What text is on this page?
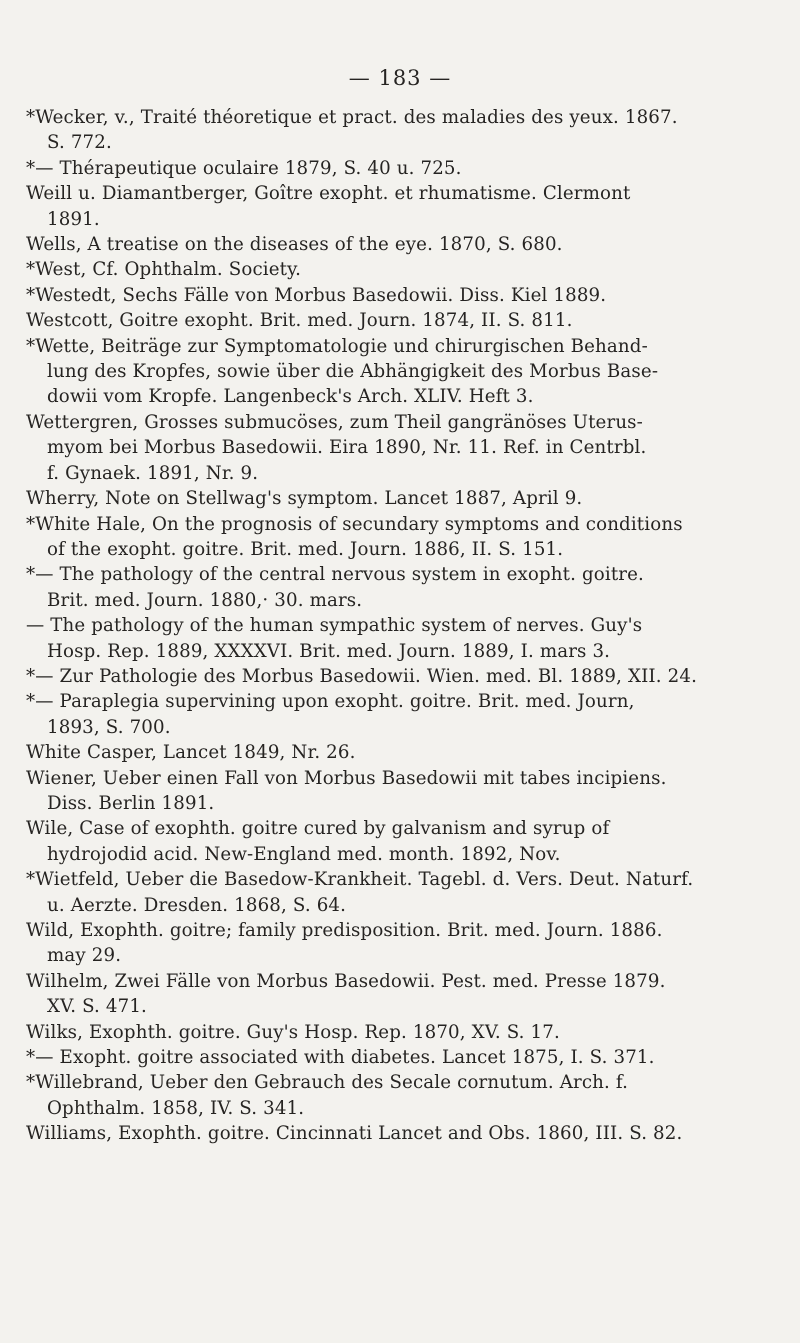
— 183 —
*Wecker, v., Traité théoretique et pract. des maladies des yeux. 1867.
S. 772.
*— Thérapeutique oculaire 1879, S. 40 u. 725.
Weill u. Diamantberger, Goître exopht. et rhumatisme. Clermont
1891.
Wells, A treatise on the diseases of the eye. 1870, S. 680.
*West, Cf. Ophthalm. Society.
*Westedt, Sechs Fälle von Morbus Basedowii. Diss. Kiel 1889.
Westcott, Goitre exopht. Brit. med. Journ. 1874, II. S. 811.
*Wette, Beiträge zur Symptomatologie und chirurgischen Behand-
lung des Kropfes, sowie über die Abhängigkeit des Morbus Base-
dowii vom Kropfe. Langenbeck's Arch. XLIV. Heft 3.
Wettergren, Grosses submucöses, zum Theil gangränöses Uterus-
myom bei Morbus Basedowii. Eira 1890, Nr. 11. Ref. in Centrbl.
f. Gynaek. 1891, Nr. 9.
Wherry, Note on Stellwag's symptom. Lancet 1887, April 9.
*White Hale, On the prognosis of secundary symptoms and conditions
of the exopht. goitre. Brit. med. Journ. 1886, II. S. 151.
*— The pathology of the central nervous system in exopht. goitre.
Brit. med. Journ. 1880,· 30. mars.
— The pathology of the human sympathic system of nerves. Guy's
Hosp. Rep. 1889, XXXXVI. Brit. med. Journ. 1889, I. mars 3.
*— Zur Pathologie des Morbus Basedowii. Wien. med. Bl. 1889, XII. 24.
*— Paraplegia supervining upon exopht. goitre. Brit. med. Journ,
1893, S. 700.
White Casper, Lancet 1849, Nr. 26.
Wiener, Ueber einen Fall von Morbus Basedowii mit tabes incipiens.
Diss. Berlin 1891.
Wile, Case of exophth. goitre cured by galvanism and syrup of
hydrojodid acid. New-England med. month. 1892, Nov.
*Wietfeld, Ueber die Basedow-Krankheit. Tagebl. d. Vers. Deut. Naturf.
u. Aerzte. Dresden. 1868, S. 64.
Wild, Exophth. goitre; family predisposition. Brit. med. Journ. 1886.
may 29.
Wilhelm, Zwei Fälle von Morbus Basedowii. Pest. med. Presse 1879.
XV. S. 471.
Wilks, Exophth. goitre. Guy's Hosp. Rep. 1870, XV. S. 17.
*— Exopht. goitre associated with diabetes. Lancet 1875, I. S. 371.
*Willebrand, Ueber den Gebrauch des Secale cornutum. Arch. f.
Ophthalm. 1858, IV. S. 341.
Williams, Exophth. goitre. Cincinnati Lancet and Obs. 1860, III. S. 82.
